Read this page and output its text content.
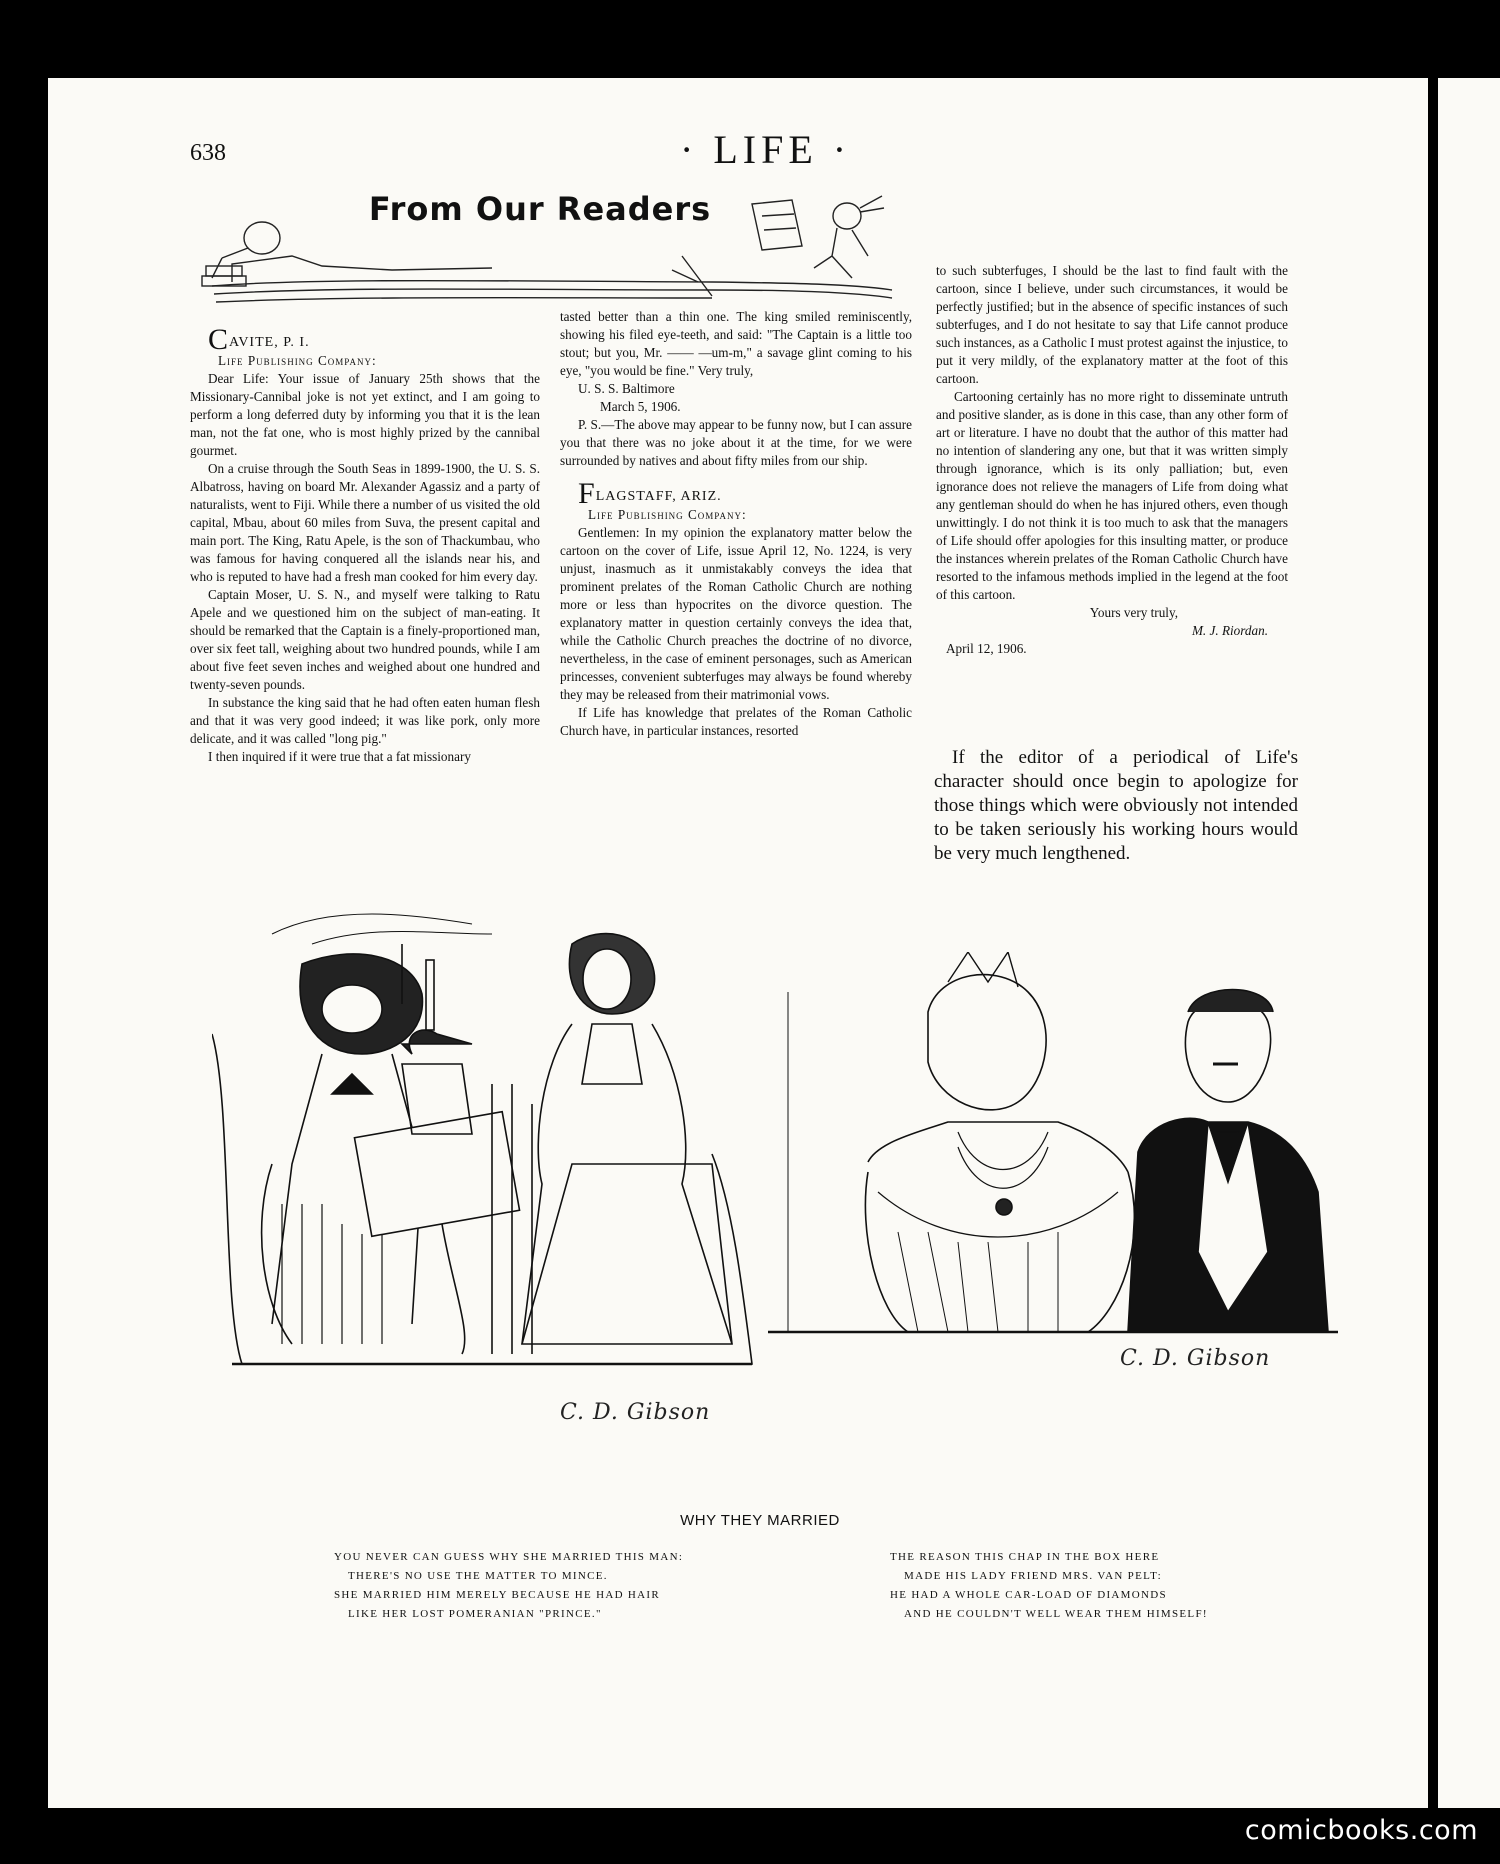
638	· LIFE ·
From Our Readers

CAVITE, P. I.

Life Publishing Company:

Dear Life: Your issue of January 25th shows that the Missionary-Cannibal joke is not yet extinct, and I am going to perform a long deferred duty by informing you that it is the lean man, not the fat one, who is most highly prized by the cannibal gourmet.

On a cruise through the South Seas in 1899-1900, the U. S. S. Albatross, having on board Mr. Alexander Agassiz and a party of naturalists, went to Fiji. While there a number of us visited the old capital, Mbau, about 60 miles from Suva, the present capital and main port. The King, Ratu Apele, is the son of Thackumbau, who was famous for having conquered all the islands near his, and who is reputed to have had a fresh man cooked for him every day.

Captain Moser, U. S. N., and myself were talking to Ratu Apele and we questioned him on the subject of man-eating. It should be remarked that the Captain is a finely-proportioned man, over six feet tall, weighing about two hundred pounds, while I am about five feet seven inches and weighed about one hundred and twenty-seven pounds.

In substance the king said that he had often eaten human flesh and that it was very good indeed; it was like pork, only more delicate, and it was called "long pig."

I then inquired if it were true that a fat missionary

tasted better than a thin one. The king smiled reminiscently, showing his filed eye-teeth, and said: "The Captain is a little too stout; but you, Mr. —— —um-m," a savage glint coming to his eye, "you would be fine." Very truly,

U. S. S. Baltimore

March 5, 1906.

P. S.—The above may appear to be funny now, but I can assure you that there was no joke about it at the time, for we were surrounded by natives and about fifty miles from our ship.

FLAGSTAFF, ARIZ.

Life Publishing Company:

Gentlemen: In my opinion the explanatory matter below the cartoon on the cover of Life, issue April 12, No. 1224, is very unjust, inasmuch as it unmistakably conveys the idea that prominent prelates of the Roman Catholic Church are nothing more or less than hypocrites on the divorce question. The explanatory matter in question certainly conveys the idea that, while the Catholic Church preaches the doctrine of no divorce, nevertheless, in the case of eminent personages, such as American princesses, convenient subterfuges may always be found whereby they may be released from their matrimonial vows.

If Life has knowledge that prelates of the Roman Catholic Church have, in particular instances, resorted

to such subterfuges, I should be the last to find fault with the cartoon, since I believe, under such circumstances, it would be perfectly justified; but in the absence of specific instances of such subterfuges, and I do not hesitate to say that Life cannot produce such instances, as a Catholic I must protest against the injustice, to put it very mildly, of the explanatory matter at the foot of this cartoon.

Cartooning certainly has no more right to disseminate untruth and positive slander, as is done in this case, than any other form of art or literature. I have no doubt that the author of this matter had no intention of slandering any one, but that it was written simply through ignorance, which is its only palliation; but, even ignorance does not relieve the managers of Life from doing what any gentleman should do when he has injured others, even though unwittingly. I do not think it is too much to ask that the managers of Life should offer apologies for this insulting matter, or produce the instances wherein prelates of the Roman Catholic Church have resorted to the infamous methods implied in the legend at the foot of this cartoon.

Yours very truly,

M. J. Riordan.

April 12, 1906.

If the editor of a periodical of Life's character should once begin to apologize for those things which were obviously not intended to be taken seriously his working hours would be very much lengthened.
C. D. Gibson
C. D. Gibson
WHY THEY MARRIED
YOU NEVER CAN GUESS WHY SHE MARRIED THIS MAN:
THERE'S NO USE THE MATTER TO MINCE.
SHE MARRIED HIM MERELY BECAUSE HE HAD HAIR
LIKE HER LOST POMERANIAN "PRINCE."
THE REASON THIS CHAP IN THE BOX HERE
MADE HIS LADY FRIEND MRS. VAN PELT:
HE HAD A WHOLE CAR-LOAD OF DIAMONDS
AND HE COULDN'T WELL WEAR THEM HIMSELF!
comicbooks.com
